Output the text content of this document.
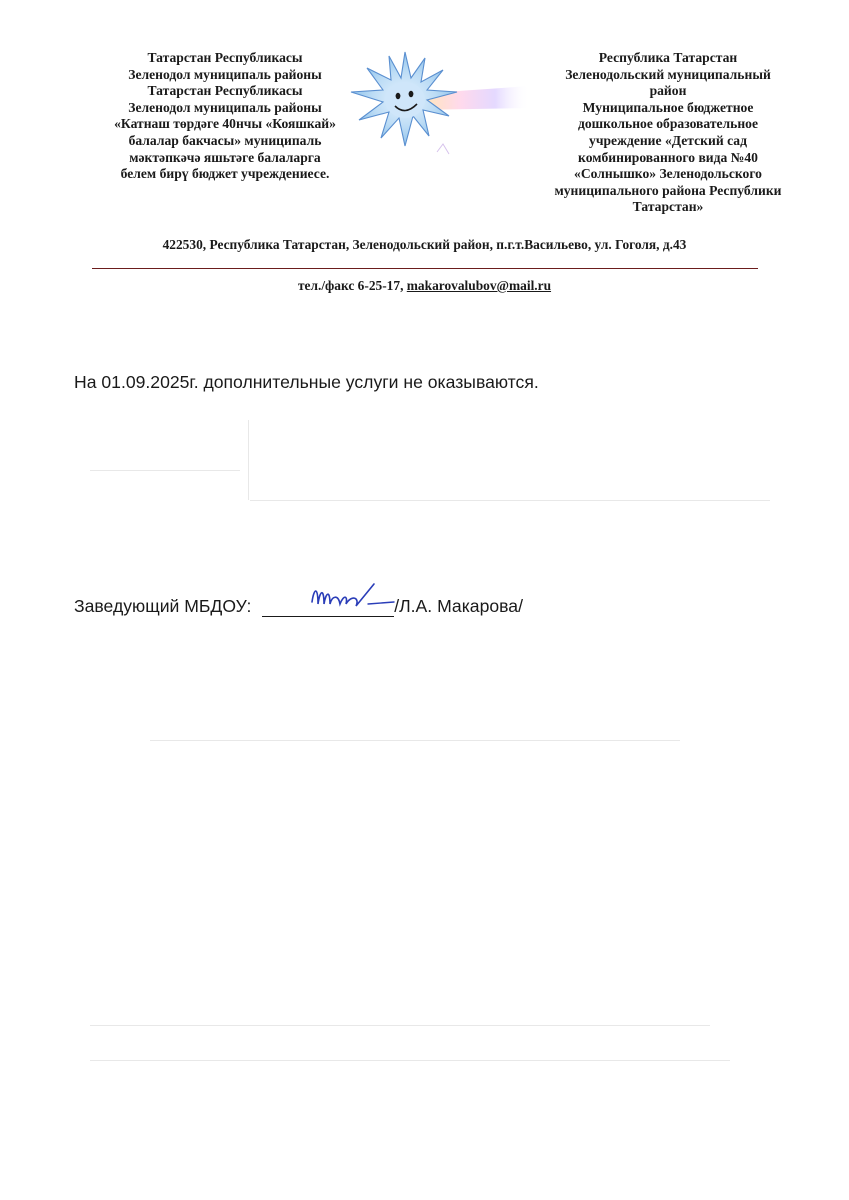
Татарстан Республикасы
Зеленодол муниципаль районы
Татарстан Республикасы
Зеленодол муниципаль районы
«Катнаш төрдәге 40нчы «Кояшкай»
балалар бакчасы» муниципаль
мәктәпкәчә яшьтәге балаларга
белем бирү бюджет учреждениесе.
Республика Татарстан
Зеленодольский муниципальный
район
Муниципальное бюджетное
дошкольное образовательное
учреждение «Детский сад
комбинированного вида №40
«Солнышко» Зеленодольского
муниципального района Республики
Татарстан»
422530, Республика Татарстан, Зеленодольский район, п.г.т.Васильево, ул. Гоголя, д.43
тел./факс 6-25-17, makarovalubov@mail.ru
На 01.09.2025г. дополнительные услуги не оказываются.
Заведующий МБДОУ:	/Л.А. Макарова/
